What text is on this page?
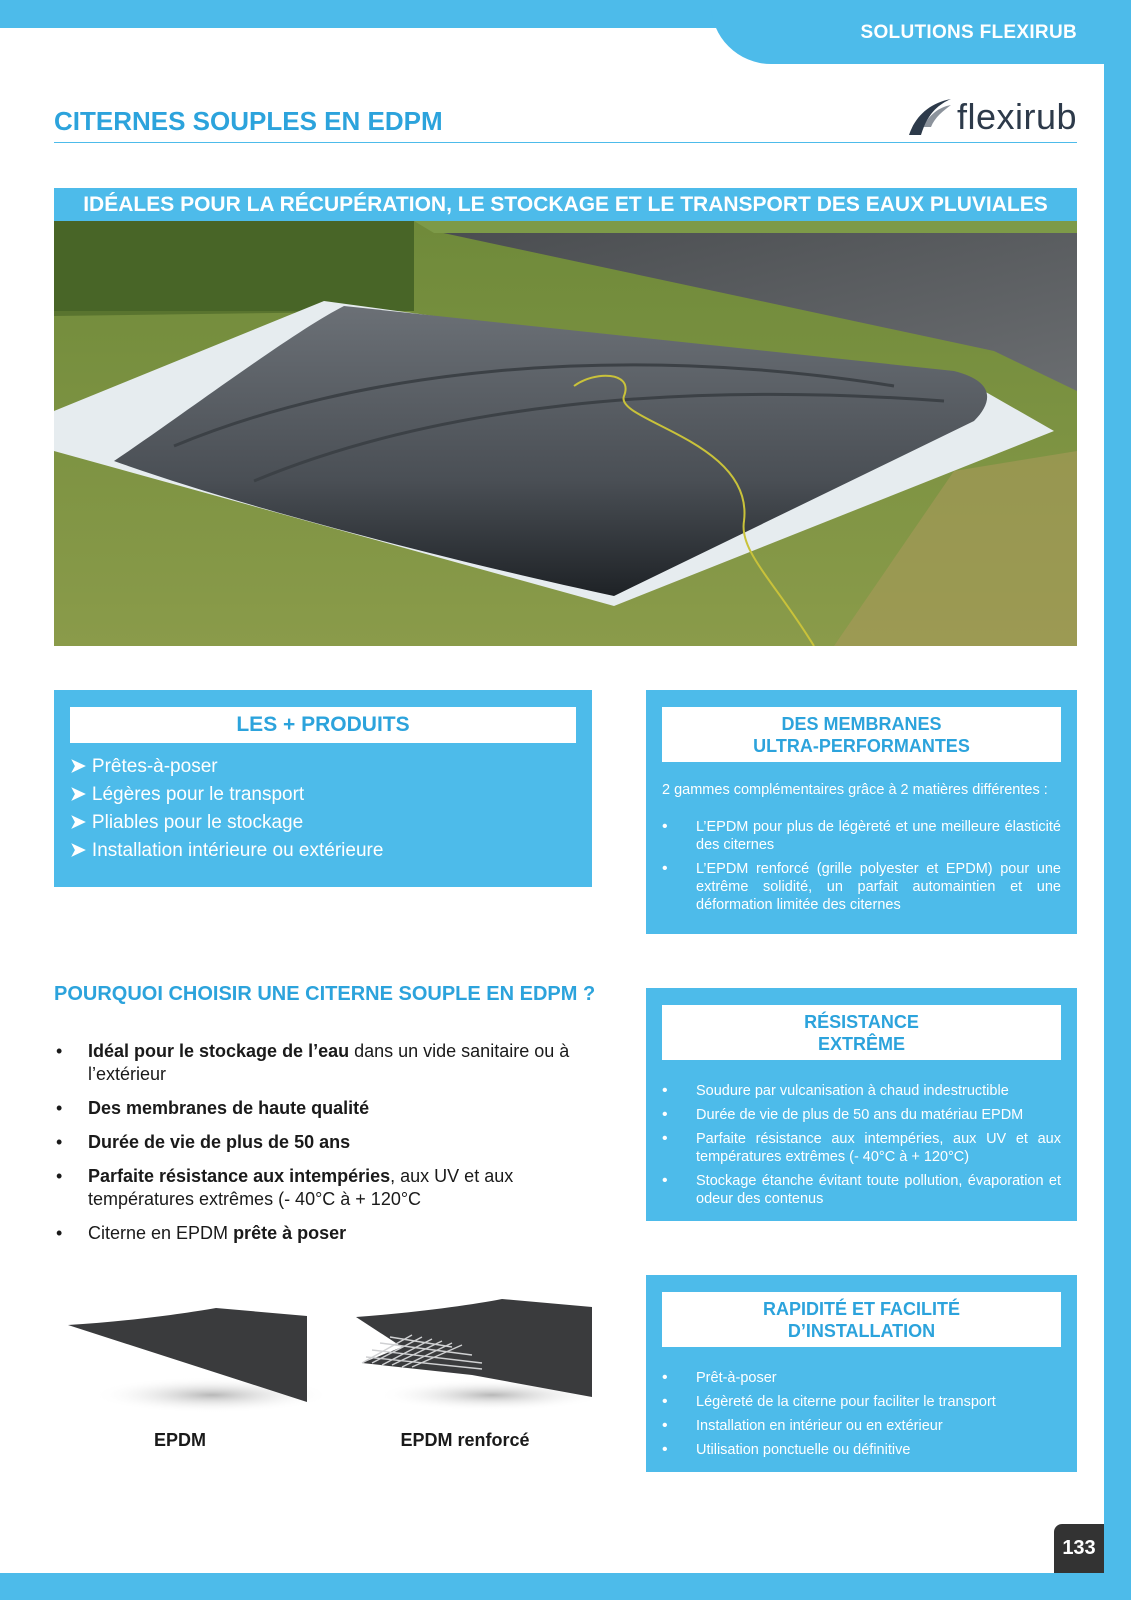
SOLUTIONS FLEXIRUB
CITERNES SOUPLES EN EDPM	flexirub
IDÉALES POUR LA RÉCUPÉRATION, LE STOCKAGE ET LE TRANSPORT DES EAUX PLUVIALES
LES + PRODUITS
➤ Prêtes-à-poser
➤ Légères pour le transport
➤ Pliables pour le stockage
➤ Installation intérieure ou extérieure
DES MEMBRANES
ULTRA-PERFORMANTES
2 gammes complémentaires grâce à 2 matières différentes :
• L’EPDM pour plus de légèreté et une meilleure élasticité des citernes
• L’EPDM renforcé (grille polyester et EPDM) pour une extrême solidité, un parfait automaintien et une déformation limitée des citernes
POURQUOI CHOISIR UNE CITERNE SOUPLE EN EDPM ?
• Idéal pour le stockage de l’eau dans un vide sanitaire ou à l’extérieur
• Des membranes de haute qualité
• Durée de vie de plus de 50 ans
• Parfaite résistance aux intempéries, aux UV et aux températures extrêmes (- 40°C à + 120°C
• Citerne en EPDM prête à poser
RÉSISTANCE
EXTRÊME
• Soudure par vulcanisation à chaud indestructible
• Durée de vie de plus de 50 ans du matériau EPDM
• Parfaite résistance aux intempéries, aux UV et aux températures extrêmes (- 40°C à + 120°C)
• Stockage étanche évitant toute pollution, évaporation et odeur des contenus
RAPIDITÉ ET FACILITÉ
D’INSTALLATION
• Prêt-à-poser
• Légèreté de la citerne pour faciliter le transport
• Installation en intérieur ou en extérieur
• Utilisation ponctuelle ou définitive
EPDM	EPDM renforcé
133
